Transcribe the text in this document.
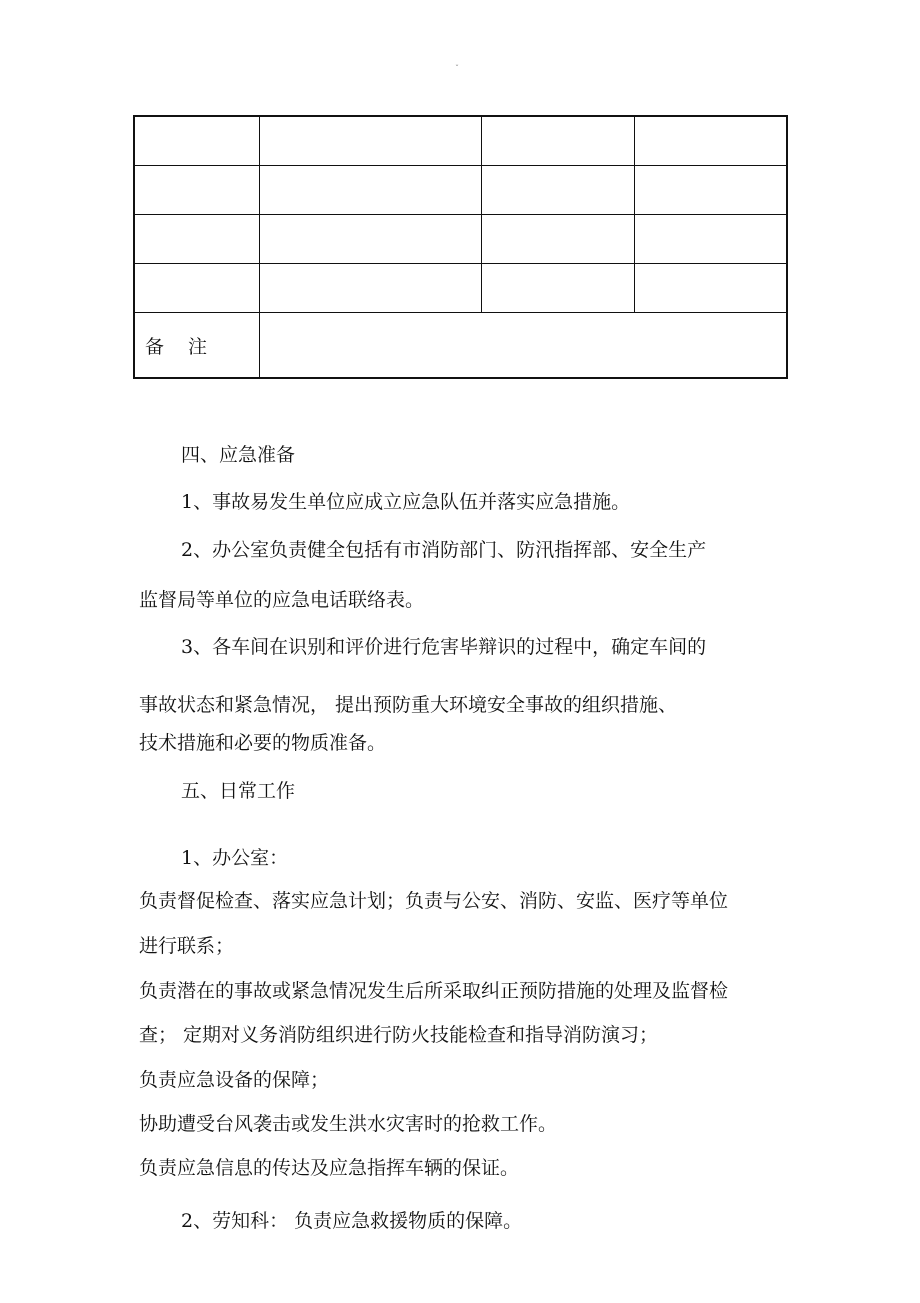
ˇ

备注			
四、应急准备
1、事故易发生单位应成立应急队伍并落实应急措施。
2、办公室负责健全包括有市消防部门、防汛指挥部、安全生产
监督局等单位的应急电话联络表。
3、各车间在识别和评价进行危害毕辩识的过程中，确定车间的
事故状态和紧急情况， 提出预防重大环境安全事故的组织措施、
技术措施和必要的物质准备。
五、日常工作
1、办公室：
负责督促检查、落实应急计划；负责与公安、消防、安监、医疗等单位
进行联系；
负责潜在的事故或紧急情况发生后所采取纠正预防措施的处理及监督检
查； 定期对义务消防组织进行防火技能检查和指导消防演习；
负责应急设备的保障；
协助遭受台风袭击或发生洪水灾害时的抢救工作。
负责应急信息的传达及应急指挥车辆的保证。
2、劳知科： 负责应急救援物质的保障。
